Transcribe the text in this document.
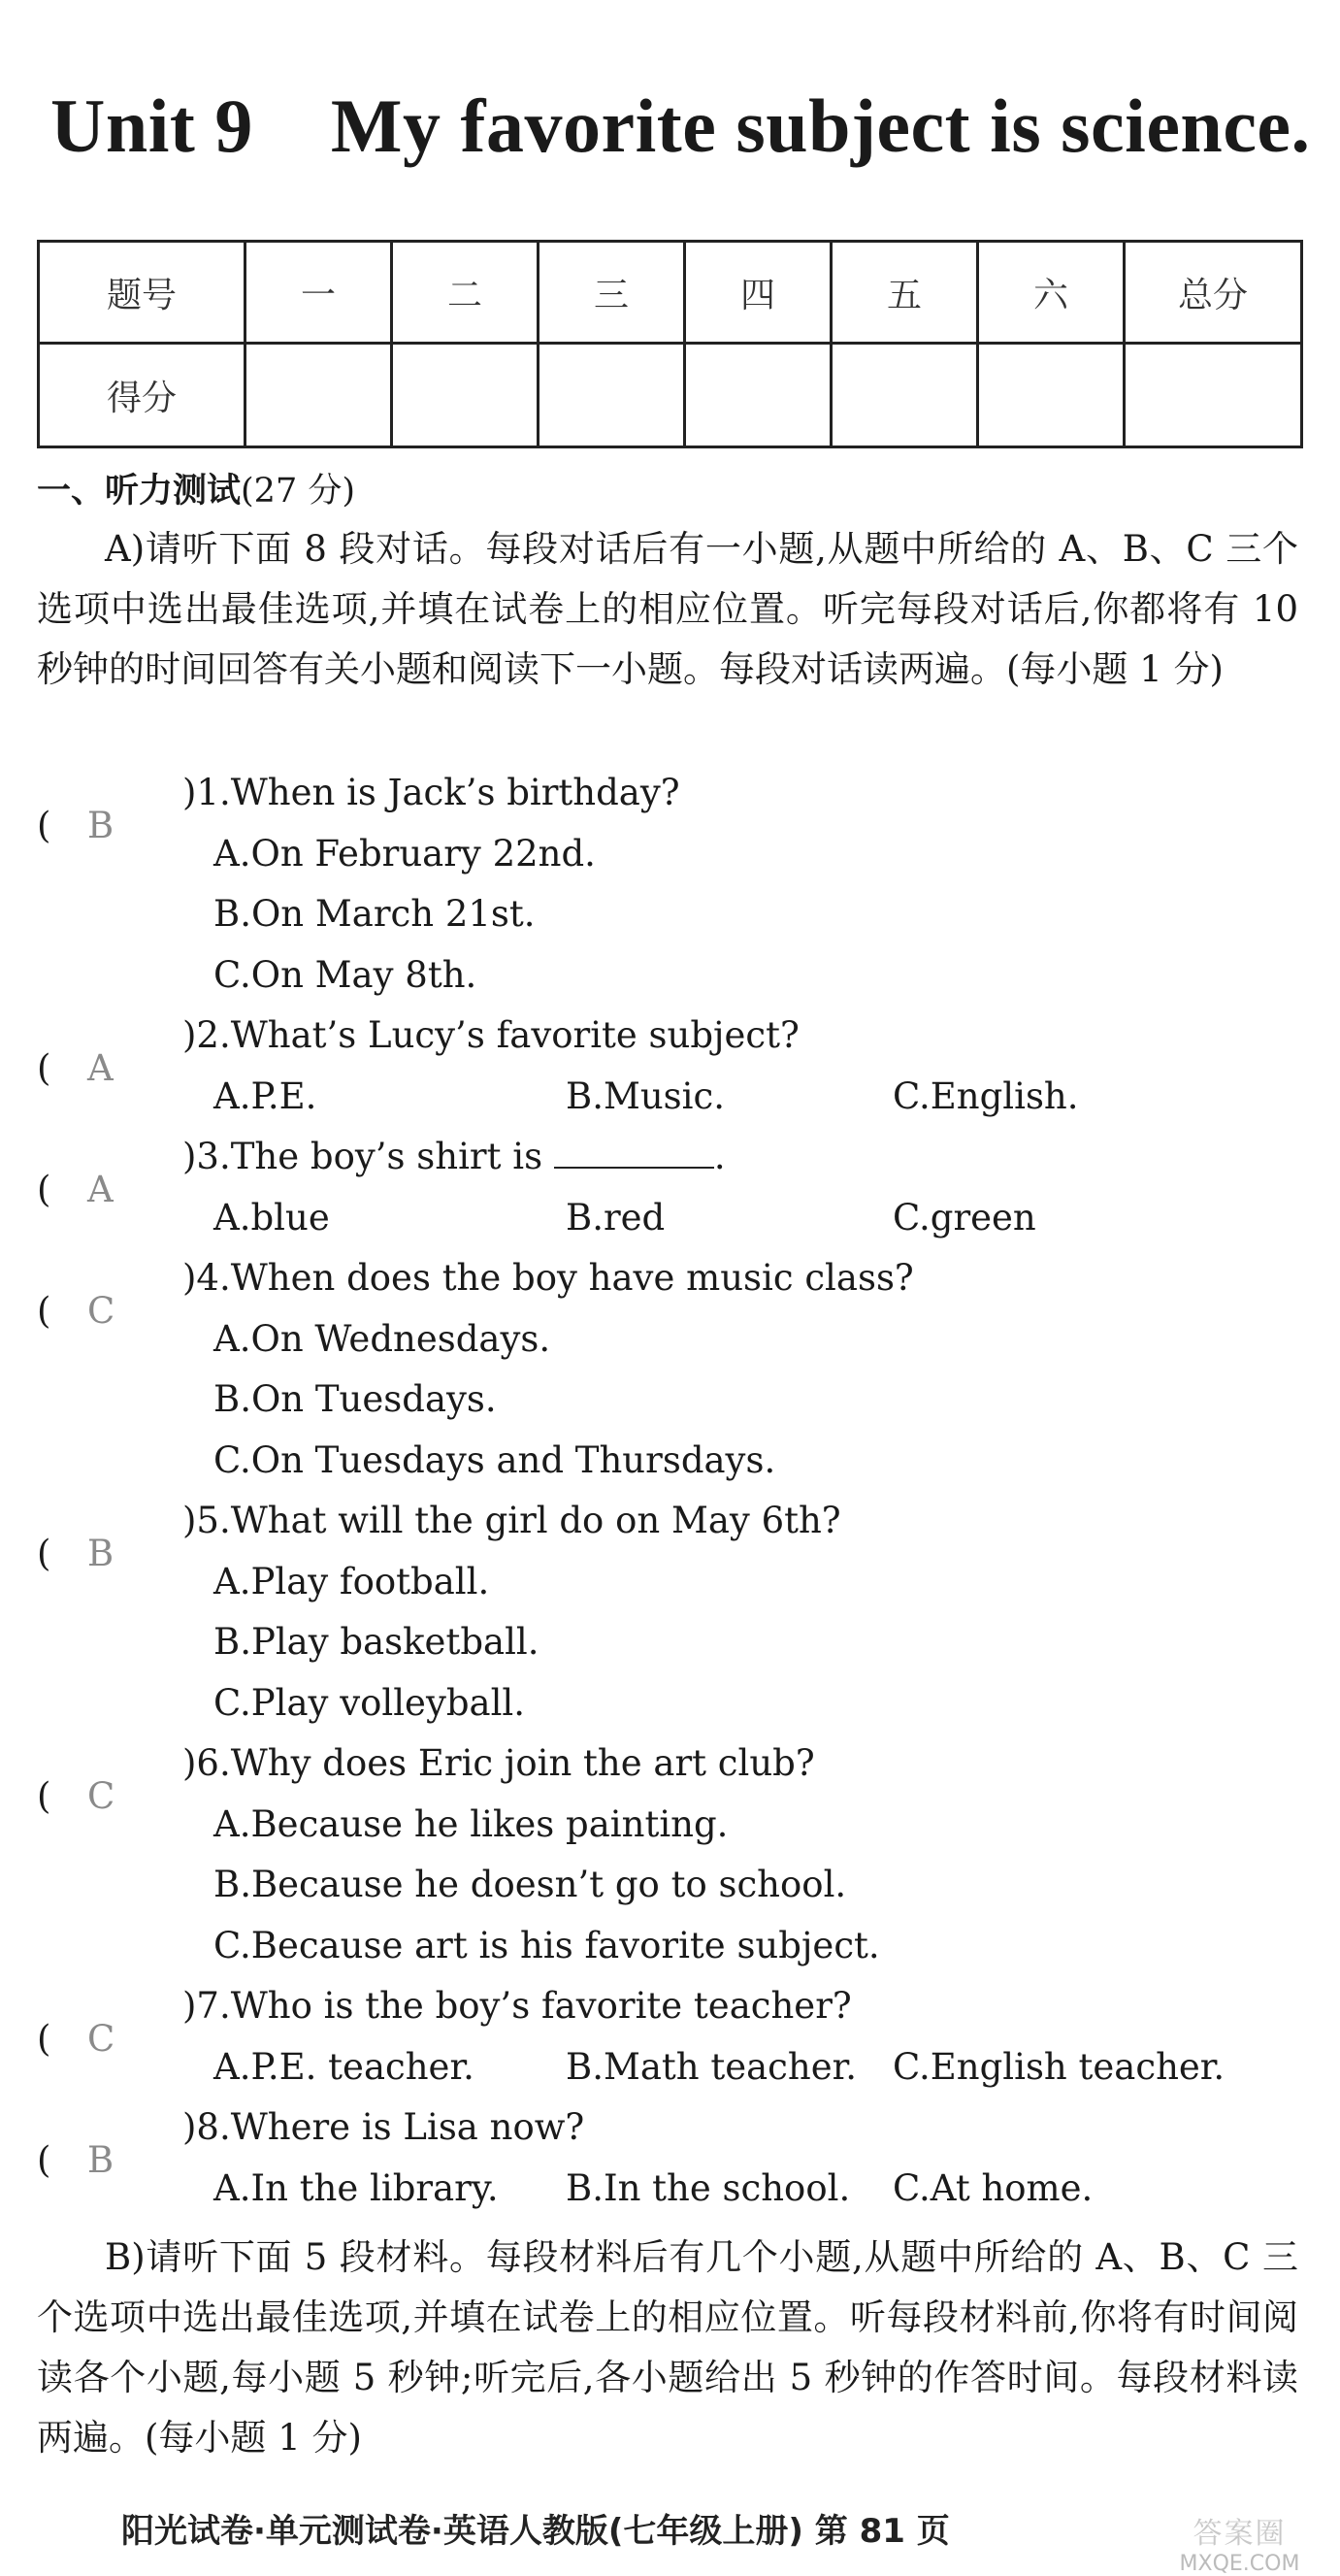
Unit 9 My favorite subject is science.
题号	一	二	三	四	五	六	总分
得分							
一、听力测试(27 分)
A)请听下面 8 段对话。每段对话后有一小题,从题中所给的 A、B、C 三个选项中选出最佳选项,并填在试卷上的相应位置。听完每段对话后,你都将有 10 秒钟的时间回答有关小题和阅读下一小题。每段对话读两遍。(每小题 1 分)
( B
)1.When is Jack’s birthday?
A.On February 22nd.
B.On March 21st.
C.On May 8th.
( A
)2.What’s Lucy’s favorite subject?
A.P.E.	B.Music.	C.English.
( A
)3.The boy’s shirt is	.
A.blue	B.red	C.green
( C
)4.When does the boy have music class?
A.On Wednesdays.
B.On Tuesdays.
C.On Tuesdays and Thursdays.
( B
)5.What will the girl do on May 6th?
A.Play football.
B.Play basketball.
C.Play volleyball.
( C
)6.Why does Eric join the art club?
A.Because he likes painting.
B.Because he doesn’t go to school.
C.Because art is his favorite subject.
( C
)7.Who is the boy’s favorite teacher?
A.P.E. teacher.	B.Math teacher. C.English teacher.
( B
)8.Where is Lisa now?
A.In the library. B.In the school. C.At home.
B)请听下面 5 段材料。每段材料后有几个小题,从题中所给的 A、B、C 三个选项中选出最佳选项,并填在试卷上的相应位置。听每段材料前,你将有时间阅读各个小题,每小题 5 秒钟;听完后,各小题给出 5 秒钟的作答时间。每段材料读两遍。(每小题 1 分)
阳光试卷·单元测试卷·英语人教版(七年级上册) 第 81 页	答案圈
MXQE.COM
